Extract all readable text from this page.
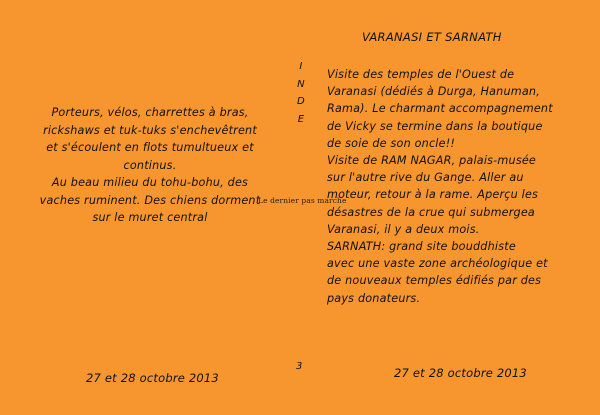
Porteurs, vélos, charrettes à bras,
rickshaws et tuk-tuks s'enchevêtrent
et s'écoulent en flots tumultueux et
continus.
Au beau milieu du tohu-bohu, des
vaches ruminent. Des chiens dorment
sur le muret central
27 et 28 octobre 2013
Le dernier pas marche
I
N
D
E
3
VARANASI ET SARNATH

Visite des temples de l'Ouest de

Varanasi (dédiés à Durga, Hanuman,

Rama). Le charmant accompagnement

de Vicky se termine dans la boutique

de soie de son oncle!!

Visite de RAM NAGAR, palais-musée

sur l'autre rive du Gange. Aller au

moteur, retour à la rame. Aperçu les

désastres de la crue qui submergea

Varanasi, il y a deux mois.

SARNATH: grand site bouddhiste

avec une vaste zone archéologique et

de nouveaux temples édifiés par des

pays donateurs.

27 et 28 octobre 2013
